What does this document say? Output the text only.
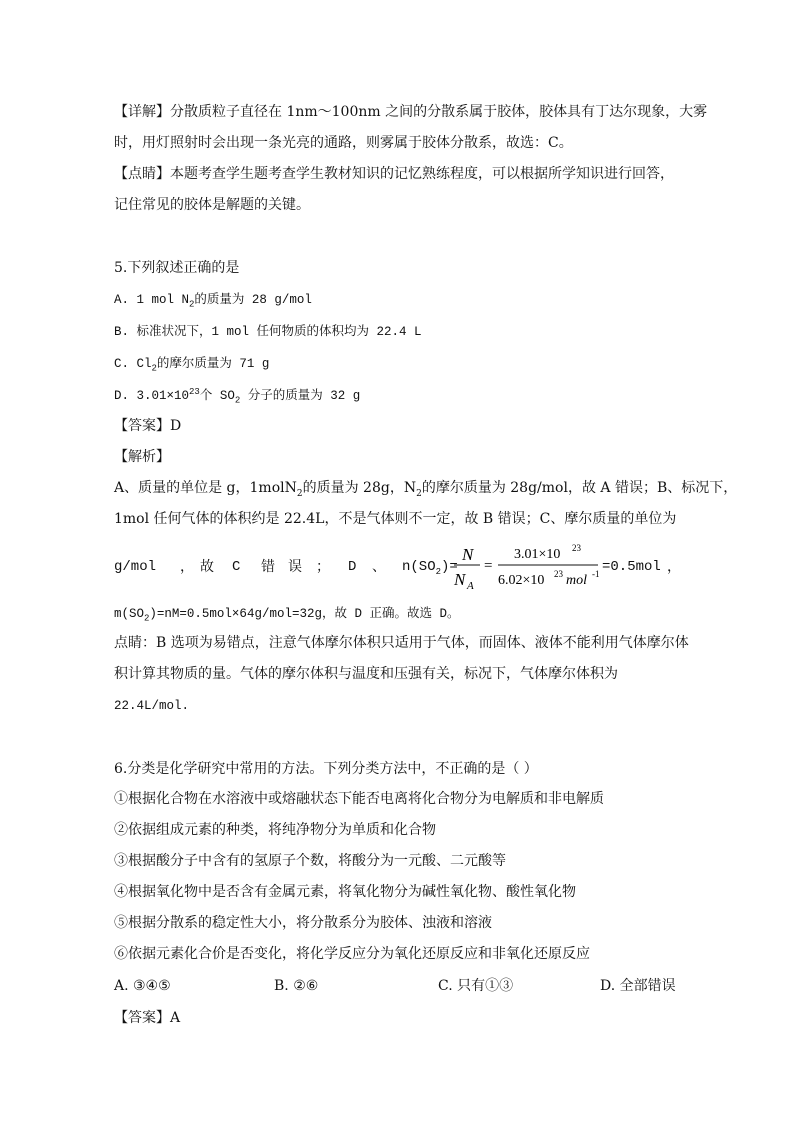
【详解】分散质粒子直径在 1nm～100nm 之间的分散系属于胶体，胶体具有丁达尔现象，大雾
时，用灯照射时会出现一条光亮的通路，则雾属于胶体分散系，故选：C。
【点睛】本题考查学生题考查学生教材知识的记忆熟练程度，可以根据所学知识进行回答，
记住常见的胶体是解题的关键。
5.下列叙述正确的是
A. 1 mol $N_2$的质量为 28 g/mol
B. 标准状况下，1 mol 任何物质的体积均为 22.4 L
C. $Cl_2$的摩尔质量为 71 g
D. $3.01\times 10^{23}$个 $SO_2$ 分子的质量为 32 g
【答案】D
【解析】
A、质量的单位是 g，1molN$_2$的质量为 28g，$N_2$的摩尔质量为 28g/mol，故 A 错误；B、标况下，
1mol 任何气体的体积约是 22.4L，不是气体则不一定，故 B 错误；C、摩尔质量的单位为
g/mol ， 故 C 错 误 ； D 、 $n(SO_2)=$
N
N A
=
3.01×10 23
6.02×10 23 mol -1 =0.5mol ，
$m(SO_2)=nM=0.5mol\times 64g/mol=32g$，故 D 正确。故选 D。
点睛：B 选项为易错点，注意气体摩尔体积只适用于气体，而固体、液体不能利用气体摩尔体
积计算其物质的量。气体的摩尔体积与温度和压强有关，标况下，气体摩尔体积为
22.4L/mol.
6.分类是化学研究中常用的方法。下列分类方法中，不正确的是（ ）
①根据化合物在水溶液中或熔融状态下能否电离将化合物分为电解质和非电解质
②依据组成元素的种类，将纯净物分为单质和化合物
③根据酸分子中含有的氢原子个数，将酸分为一元酸、二元酸等
④根据氧化物中是否含有金属元素，将氧化物分为碱性氧化物、酸性氧化物
⑤根据分散系的稳定性大小，将分散系分为胶体、浊液和溶液
⑥依据元素化合价是否变化，将化学反应分为氧化还原反应和非氧化还原反应
A. ③④⑤	B. ②⑥	C. 只有①③	D. 全部错误
【答案】A
